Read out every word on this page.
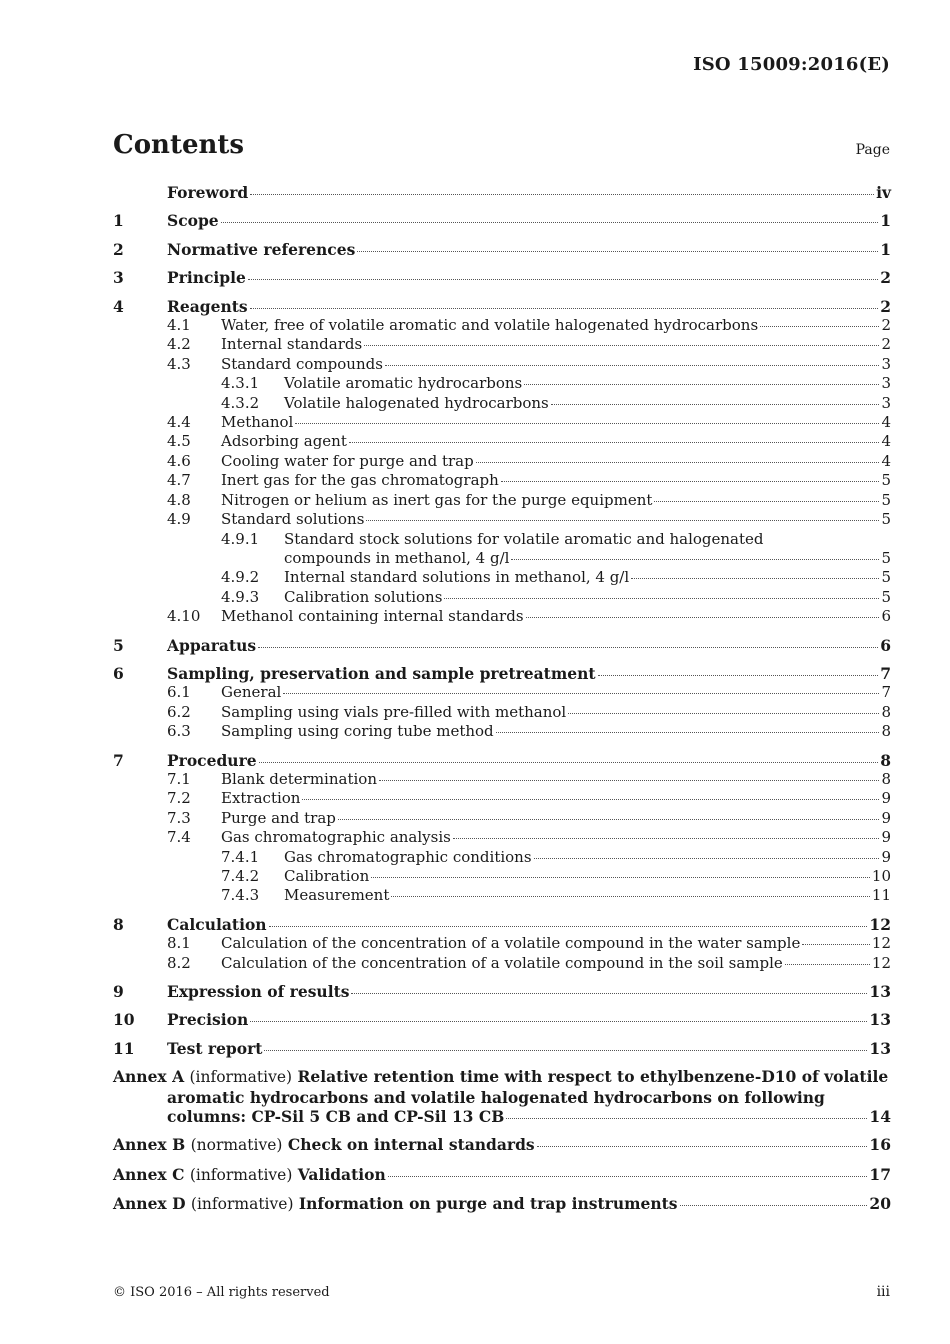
ISO 15009:2016(E)
Contents	Page
Foreword	iv
1	Scope	1
2	Normative references	1
3	Principle	2
4	Reagents	2
4.1	Water, free of volatile aromatic and volatile halogenated hydrocarbons	2
4.2	Internal standards	2
4.3	Standard compounds	3
4.3.1	Volatile aromatic hydrocarbons	3
4.3.2	Volatile halogenated hydrocarbons	3
4.4	Methanol	4
4.5	Adsorbing agent	4
4.6	Cooling water for purge and trap	4
4.7	Inert gas for the gas chromatograph	5
4.8	Nitrogen or helium as inert gas for the purge equipment	5
4.9	Standard solutions	5
4.9.1	Standard stock solutions for volatile aromatic and halogenated
compounds in methanol, 4 g/l	5
4.9.2	Internal standard solutions in methanol, 4 g/l	5
4.9.3	Calibration solutions	5
4.10	Methanol containing internal standards	6
5	Apparatus	6
6	Sampling, preservation and sample pretreatment	7
6.1	General	7
6.2	Sampling using vials pre-filled with methanol	8
6.3	Sampling using coring tube method	8
7	Procedure	8
7.1	Blank determination	8
7.2	Extraction	9
7.3	Purge and trap	9
7.4	Gas chromatographic analysis	9
7.4.1	Gas chromatographic conditions	9
7.4.2	Calibration	10
7.4.3	Measurement	11
8	Calculation	12
8.1	Calculation of the concentration of a volatile compound in the water sample	12
8.2	Calculation of the concentration of a volatile compound in the soil sample	12
9	Expression of results	13
10	Precision	13
11	Test report	13
Annex A (informative) Relative retention time with respect to ethylbenzene-D10 of volatile
aromatic hydrocarbons and volatile halogenated hydrocarbons on following
columns: CP-Sil 5 CB and CP-Sil 13 CB	14
Annex B (normative) Check on internal standards	16
Annex C (informative) Validation	17
Annex D (informative) Information on purge and trap instruments	20
© ISO 2016 – All rights reserved	iii
